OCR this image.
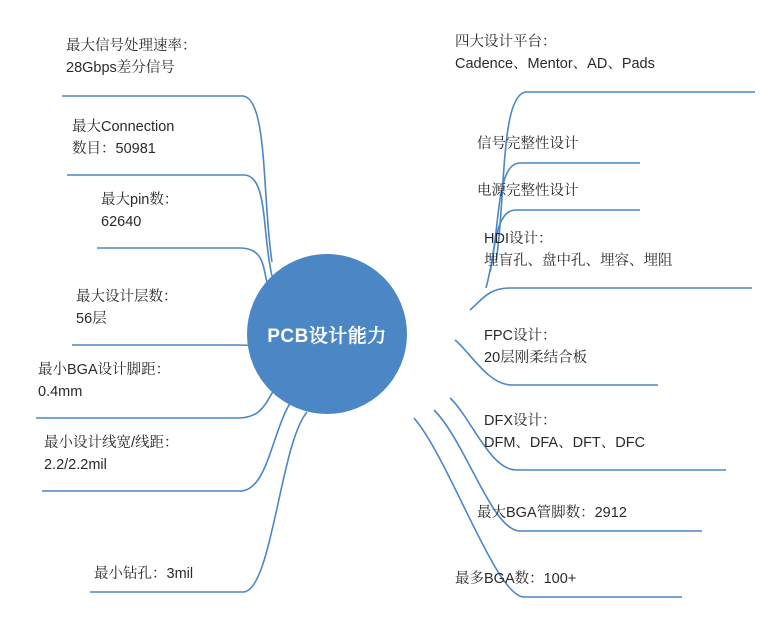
PCB设计能力
最大信号处理速率：
28Gbps差分信号
最大Connection
数目：50981
最大pin数：
62640
最大设计层数：
56层
最小BGA设计脚距：
0.4mm
最小设计线宽/线距：
2.2/2.2mil
最小钻孔：3mil
四大设计平台：
Cadence、Mentor、AD、Pads
信号完整性设计
电源完整性设计
HDI设计：
埋盲孔、盘中孔、埋容、埋阻
FPC设计：
20层刚柔结合板
DFX设计：
DFM、DFA、DFT、DFC
最大BGA管脚数：2912
最多BGA数：100+
